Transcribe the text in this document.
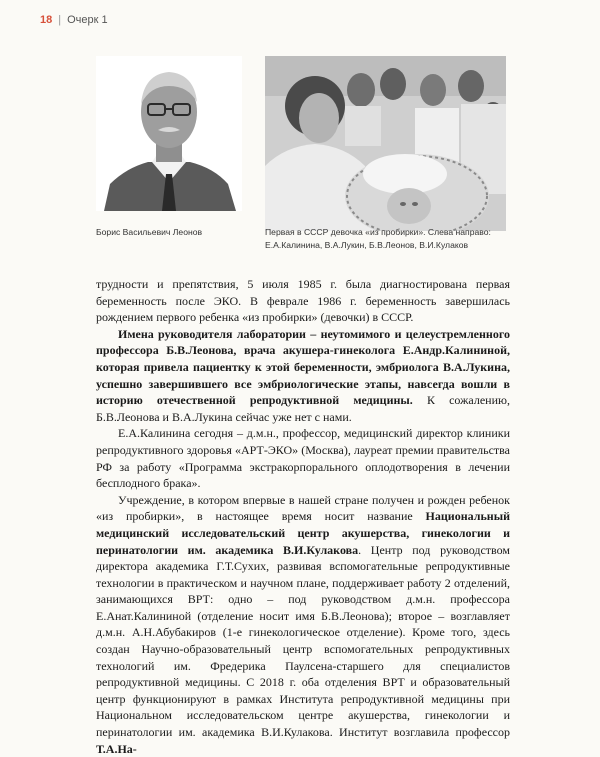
18 | Очерк 1
Борис Васильевич Леонов	Первая в СССР девочка «из пробирки». Слева направо: Е.А.Калинина, В.А.Лукин, Б.В.Леонов, В.И.Кулаков

трудности и препятствия, 5 июля 1985 г. была диагностирована первая беременность после ЭКО. В феврале 1986 г. беременность завершилась рождением первого ребенка «из пробирки» (девочки) в СССР.

Имена руководителя лаборатории – неутомимого и целеустремленного профессора Б.В.Леонова, врача акушера-гинеколога Е.Андр.Калининой, которая привела пациентку к этой беременности, эмбриолога В.А.Лукина, успешно завершившего все эмбриологические этапы, навсегда вошли в историю отечественной репродуктивной медицины. К сожалению, Б.В.Леонова и В.А.Лукина сейчас уже нет с нами.

Е.А.Калинина сегодня – д.м.н., профессор, медицинский директор клиники репродуктивного здоровья «АРТ-ЭКО» (Москва), лауреат премии правительства РФ за работу «Программа экстракорпорального оплодотворения в лечении бесплодного брака».

Учреждение, в котором впервые в нашей стране получен и рожден ребенок «из пробирки», в настоящее время носит название Национальный медицинский исследовательский центр акушерства, гинекологии и перинатологии им. академика В.И.Кулакова. Центр под руководством директора академика Г.Т.Сухих, развивая вспомогательные репродуктивные технологии в практическом и научном плане, поддерживает работу 2 отделений, занимающихся ВРТ: одно – под руководством д.м.н. профессора Е.Анат.Калининой (отделение носит имя Б.В.Леонова); второе – возглавляет д.м.н. А.Н.Абубакиров (1-е гинекологическое отделение). Кроме того, здесь создан Научно-образовательный центр вспомогательных репродуктивных технологий им. Фредерика Паулсена-старшего для специалистов репродуктивной медицины. С 2018 г. оба отделения ВРТ и образовательный центр функционируют в рамках Института репродуктивной медицины при Национальном исследовательском центре акушерства, гинекологии и перинатологии им. академика В.И.Кулакова. Институт возглавила профессор Т.А.На-
